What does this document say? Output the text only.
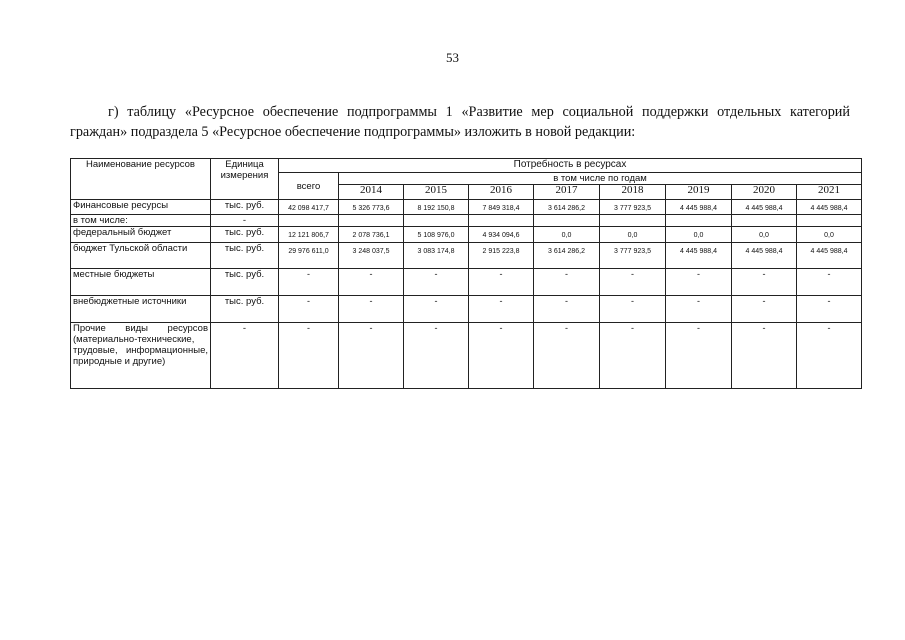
53
г) таблицу «Ресурсное обеспечение подпрограммы 1 «Развитие мер социальной поддержки отдельных категорий граждан» подраздела 5 «Ресурсное обеспечение подпрограммы» изложить в новой редакции:
Наименование ресурсов	Единица измерения	Потребность в ресурсах								
		всего	в том числе по годам							
			2014	2015	2016	2017	2018	2019	2020	2021
Финансовые ресурсы	тыс. руб.	42 098 417,7	5 326 773,6	8 192 150,8	7 849 318,4	3 614 286,2	3 777 923,5	4 445 988,4	4 445 988,4	4 445 988,4
в том числе:	-									
федеральный бюджет	тыс. руб.	12 121 806,7	2 078 736,1	5 108 976,0	4 934 094,6	0,0	0,0	0,0	0,0	0,0
бюджет Тульской области	тыс. руб.	29 976 611,0	3 248 037,5	3 083 174,8	2 915 223,8	3 614 286,2	3 777 923,5	4 445 988,4	4 445 988,4	4 445 988,4
местные бюджеты	тыс. руб.	-	-	-	-	-	-	-	-	-
внебюджетные источники	тыс. руб.	-	-	-	-	-	-	-	-	-
Прочие виды ресурсов (материально-технические, трудовые, информационные, природные и другие)	-	-	-	-	-	-	-	-	-	-
